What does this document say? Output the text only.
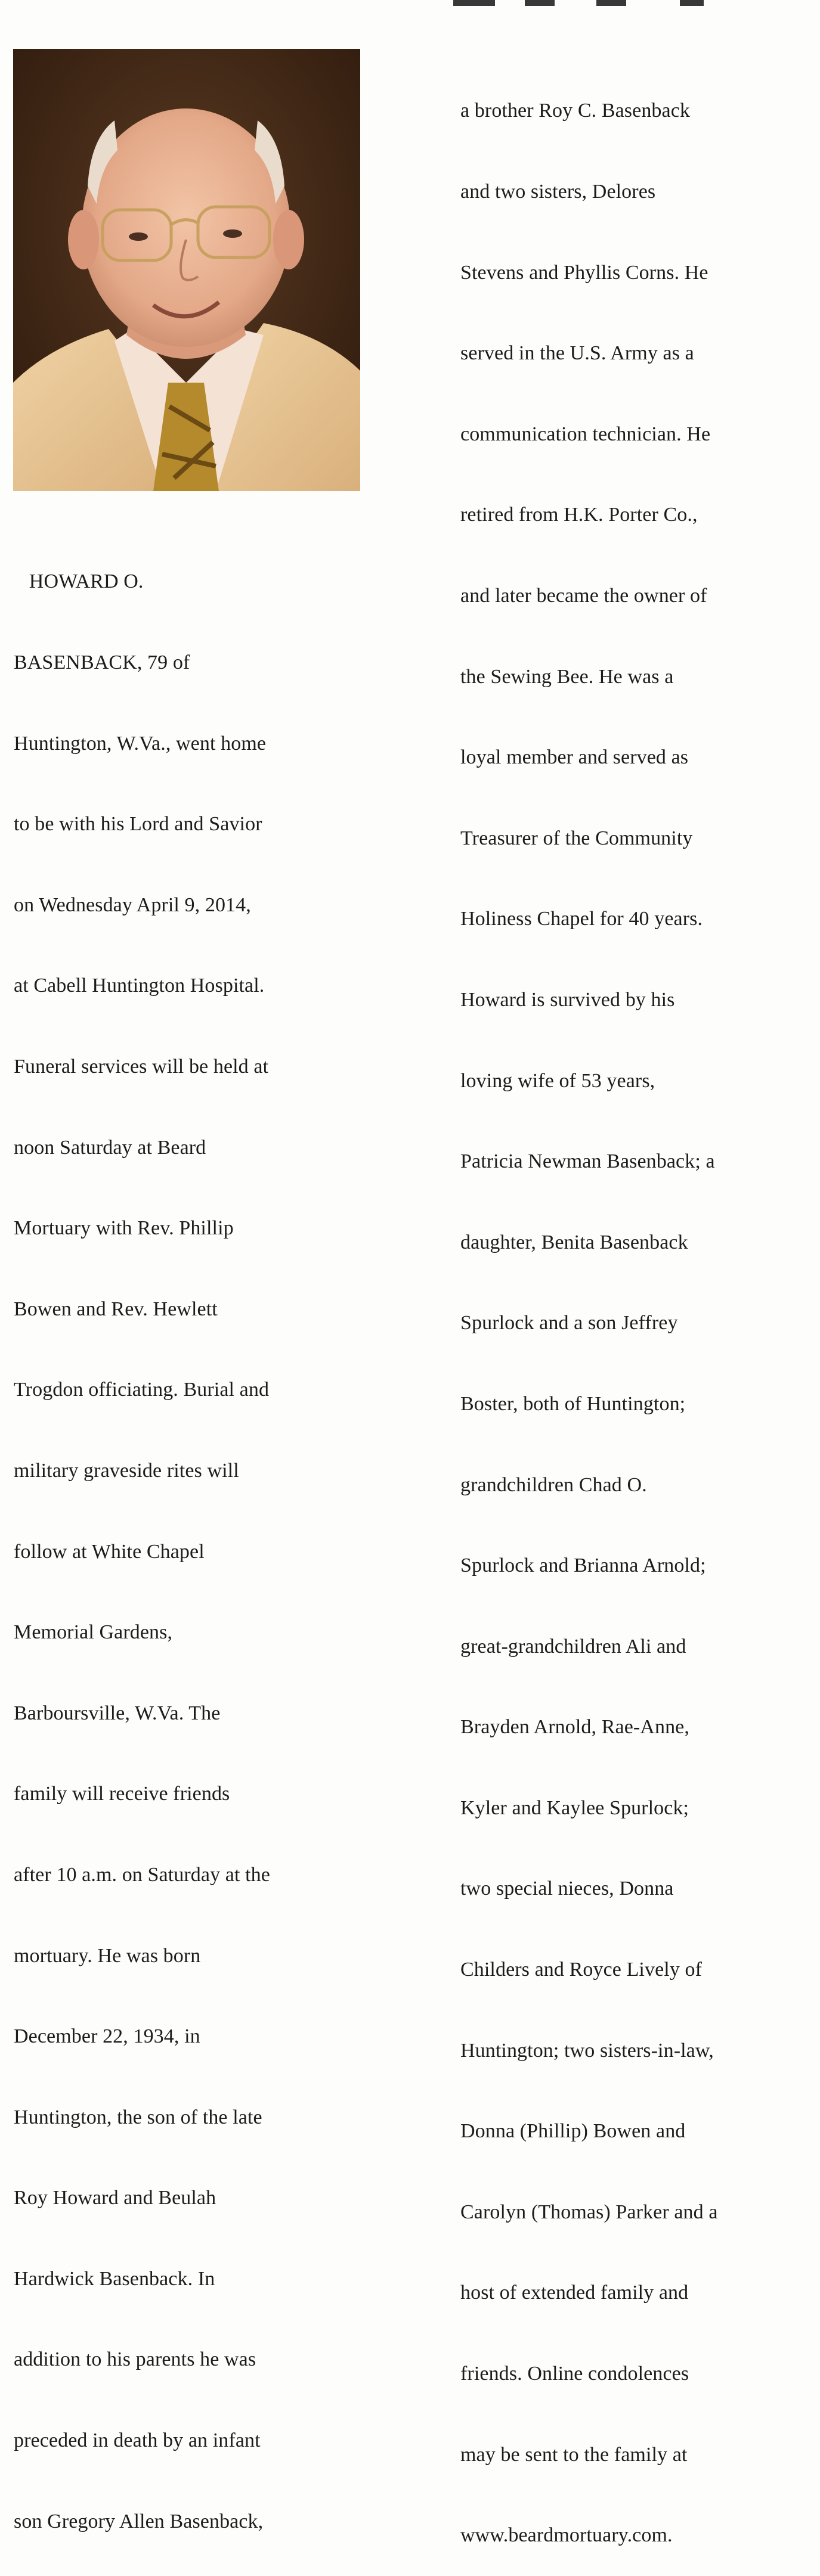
HOWARD O.

BASENBACK, 79 of

Huntington, W.Va., went home

to be with his Lord and Savior

on Wednesday April 9, 2014,

at Cabell Huntington Hospital.

Funeral services will be held at

noon Saturday at Beard

Mortuary with Rev. Phillip

Bowen and Rev. Hewlett

Trogdon officiating. Burial and

military graveside rites will

follow at White Chapel

Memorial Gardens,

Barboursville, W.Va. The

family will receive friends

after 10 a.m. on Saturday at the

mortuary. He was born

December 22, 1934, in

Huntington, the son of the late

Roy Howard and Beulah

Hardwick Basenback. In

addition to his parents he was

preceded in death by an infant

son Gregory Allen Basenback,

a brother Roy C. Basenback

and two sisters, Delores

Stevens and Phyllis Corns. He

served in the U.S. Army as a

communication technician. He

retired from H.K. Porter Co.,

and later became the owner of

the Sewing Bee. He was a

loyal member and served as

Treasurer of the Community

Holiness Chapel for 40 years.

Howard is survived by his

loving wife of 53 years,

Patricia Newman Basenback; a

daughter, Benita Basenback

Spurlock and a son Jeffrey

Boster, both of Huntington;

grandchildren Chad O.

Spurlock and Brianna Arnold;

great-grandchildren Ali and

Brayden Arnold, Rae-Anne,

Kyler and Kaylee Spurlock;

two special nieces, Donna

Childers and Royce Lively of

Huntington; two sisters-in-law,

Donna (Phillip) Bowen and

Carolyn (Thomas) Parker and a

host of extended family and

friends. Online condolences

may be sent to the family at

www.beardmortuary.com.
